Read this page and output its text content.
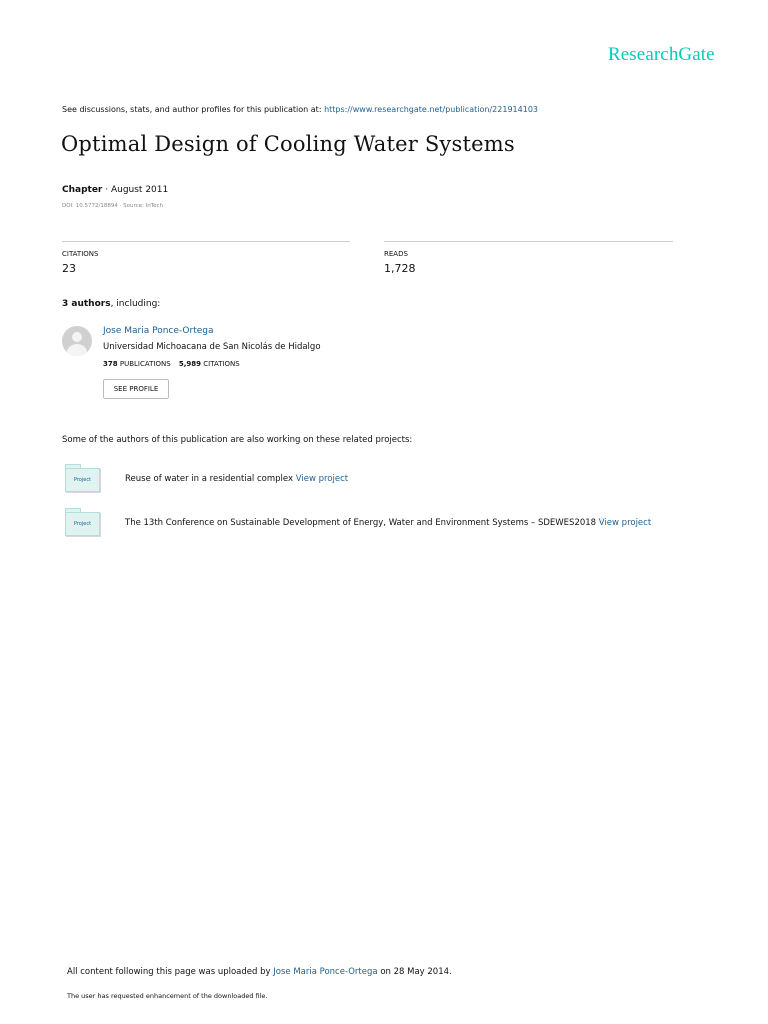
ResearchGate
See discussions, stats, and author profiles for this publication at: https://www.researchgate.net/publication/221914103
Optimal Design of Cooling Water Systems
Chapter · August 2011
DOI: 10.5772/18894 · Source: InTech
CITATIONS
23
READS
1,728
3 authors, including:
Jose Maria Ponce-Ortega
Universidad Michoacana de San Nicolás de Hidalgo
378 PUBLICATIONS 5,989 CITATIONS
SEE PROFILE
Some of the authors of this publication are also working on these related projects:
Project	Reuse of water in a residential complex View project
Project	The 13th Conference on Sustainable Development of Energy, Water and Environment Systems – SDEWES2018 View project
All content following this page was uploaded by Jose Maria Ponce-Ortega on 28 May 2014.
The user has requested enhancement of the downloaded file.
